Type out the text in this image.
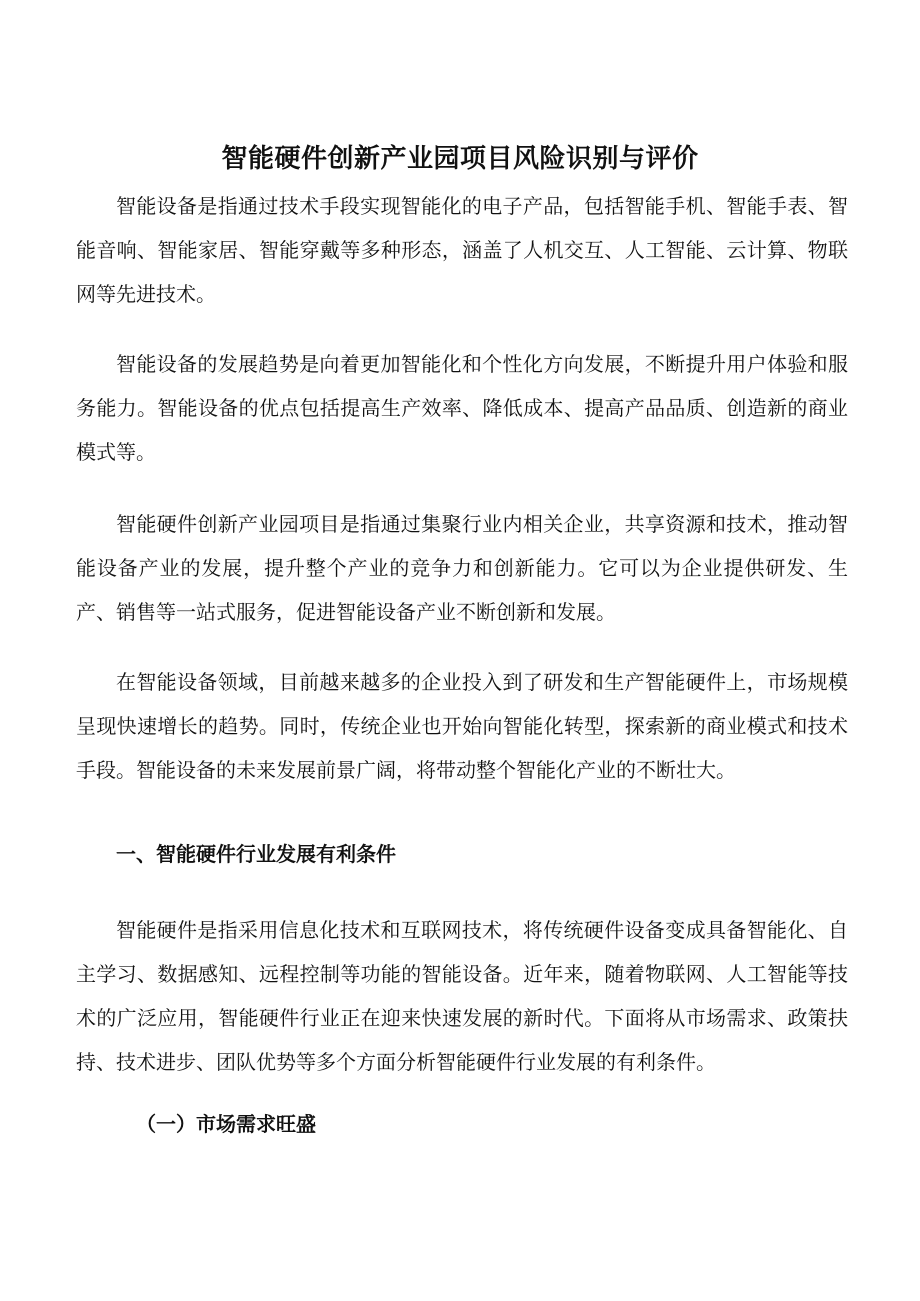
智能硬件创新产业园项目风险识别与评价

智能设备是指通过技术手段实现智能化的电子产品，包括智能手机、智能手表、智能音响、智能家居、智能穿戴等多种形态，涵盖了人机交互、人工智能、云计算、物联网等先进技术。

智能设备的发展趋势是向着更加智能化和个性化方向发展，不断提升用户体验和服务能力。智能设备的优点包括提高生产效率、降低成本、提高产品品质、创造新的商业模式等。

智能硬件创新产业园项目是指通过集聚行业内相关企业，共享资源和技术，推动智能设备产业的发展，提升整个产业的竞争力和创新能力。它可以为企业提供研发、生产、销售等一站式服务，促进智能设备产业不断创新和发展。

在智能设备领域，目前越来越多的企业投入到了研发和生产智能硬件上，市场规模呈现快速增长的趋势。同时，传统企业也开始向智能化转型，探索新的商业模式和技术手段。智能设备的未来发展前景广阔，将带动整个智能化产业的不断壮大。

一、智能硬件行业发展有利条件

智能硬件是指采用信息化技术和互联网技术，将传统硬件设备变成具备智能化、自主学习、数据感知、远程控制等功能的智能设备。近年来，随着物联网、人工智能等技术的广泛应用，智能硬件行业正在迎来快速发展的新时代。下面将从市场需求、政策扶持、技术进步、团队优势等多个方面分析智能硬件行业发展的有利条件。

（一）市场需求旺盛
